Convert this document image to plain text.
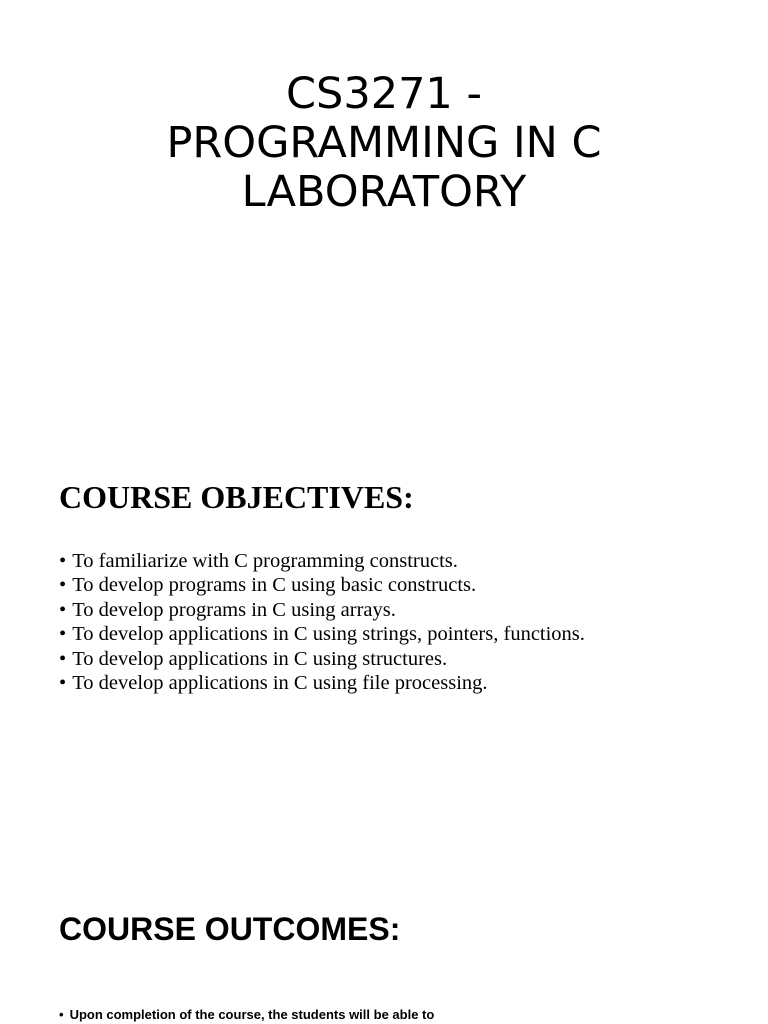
CS3271 -
PROGRAMMING IN C
LABORATORY
COURSE OBJECTIVES:
• To familiarize with C programming constructs.
• To develop programs in C using basic constructs.
• To develop programs in C using arrays.
• To develop applications in C using strings, pointers, functions.
• To develop applications in C using structures.
• To develop applications in C using file processing.
COURSE OUTCOMES:
• Upon completion of the course, the students will be able to
